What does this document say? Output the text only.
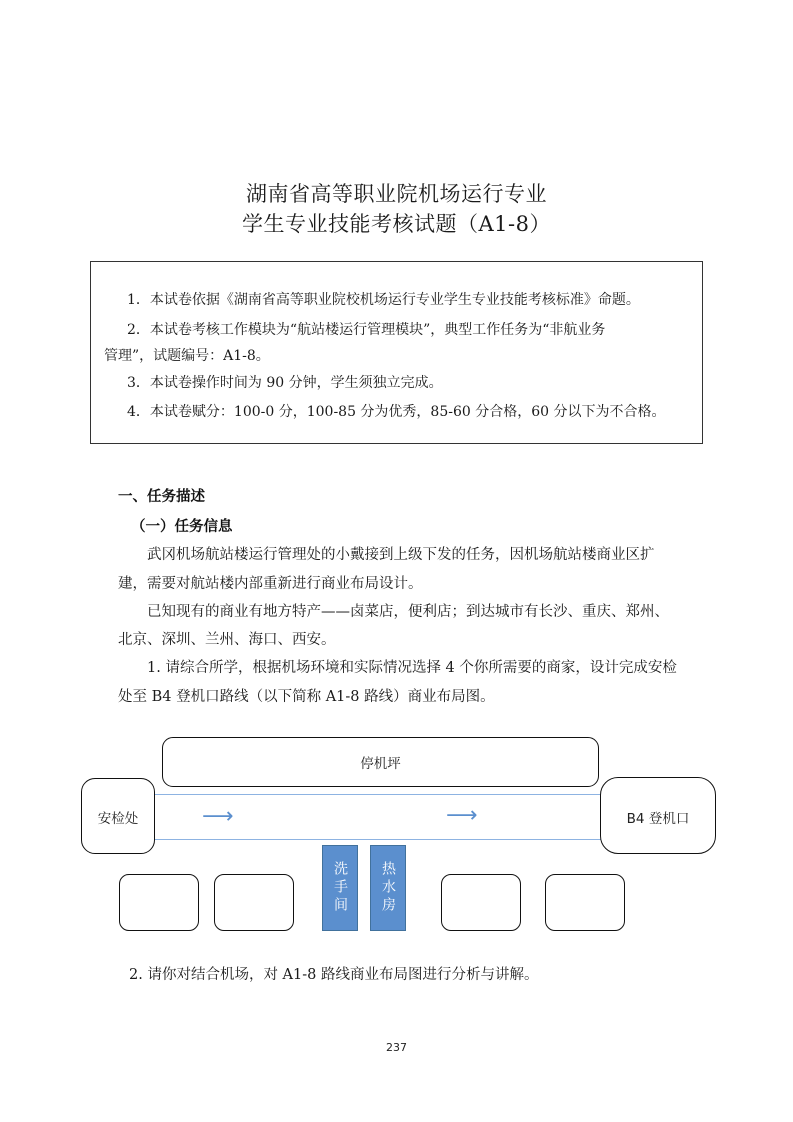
湖南省高等职业院机场运行专业
学生专业技能考核试题（A1-8）
1．本试卷依据《湖南省高等职业院校机场运行专业学生专业技能考核标准》命题。
2．本试卷考核工作模块为“航站楼运行管理模块”，典型工作任务为“非航业务
管理”，试题编号：A1-8。
3．本试卷操作时间为 90 分钟，学生须独立完成。
4．本试卷赋分：100-0 分，100-85 分为优秀，85-60 分合格，60 分以下为不合格。
一、任务描述
（一）任务信息
武冈机场航站楼运行管理处的小戴接到上级下发的任务，因机场航站楼商业区扩
建，需要对航站楼内部重新进行商业布局设计。
已知现有的商业有地方特产——卤菜店，便利店；到达城市有长沙、重庆、郑州、
北京、深圳、兰州、海口、西安。
1. 请综合所学，根据机场环境和实际情况选择 4 个你所需要的商家，设计完成安检
处至 B4 登机口路线（以下简称 A1-8 路线）商业布局图。
停机坪
安检处	B4 登机口
⟶	⟶
洗手间 热水房
2. 请你对结合机场，对 A1-8 路线商业布局图进行分析与讲解。
237
